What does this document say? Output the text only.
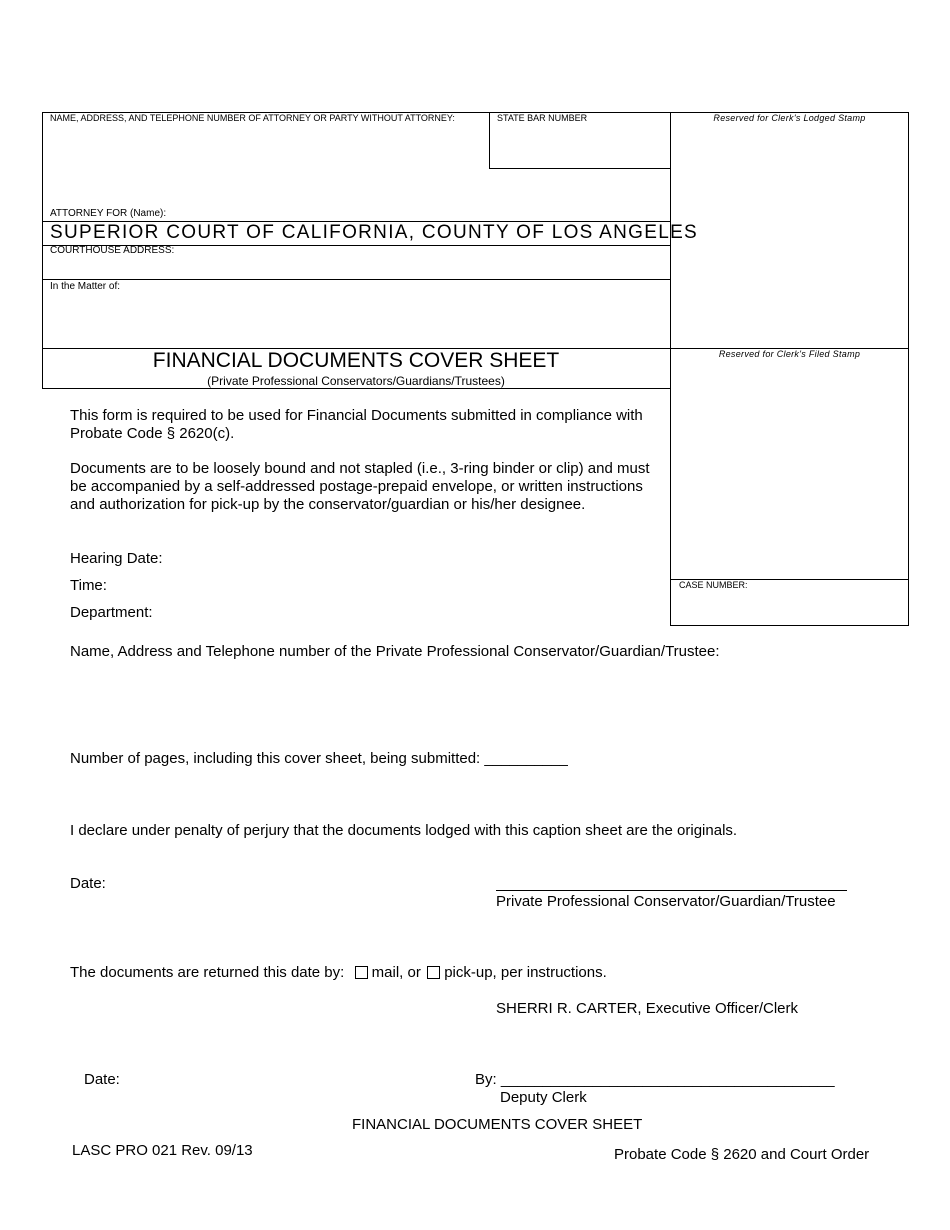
NAME, ADDRESS, AND TELEPHONE NUMBER OF ATTORNEY OR PARTY WITHOUT ATTORNEY:	STATE BAR NUMBER	Reserved for Clerk's Lodged Stamp
ATTORNEY FOR (Name):
SUPERIOR COURT OF CALIFORNIA, COUNTY OF LOS ANGELES
COURTHOUSE ADDRESS:
In the Matter of:
Reserved for Clerk's Filed Stamp
FINANCIAL DOCUMENTS COVER SHEET
(Private Professional Conservators/Guardians/Trustees)
CASE NUMBER:
This form is required to be used for Financial Documents submitted in compliance with Probate Code § 2620(c).
Documents are to be loosely bound and not stapled (i.e., 3-ring binder or clip) and must be accompanied by a self-addressed postage-prepaid envelope, or written instructions and authorization for pick-up by the conservator/guardian or his/her designee.
Hearing Date:
Time:
Department:
Name, Address and Telephone number of the Private Professional Conservator/Guardian/Trustee:
Number of pages, including this cover sheet, being submitted: __________
I declare under penalty of perjury that the documents lodged with this caption sheet are the originals.
Date:
Private Professional Conservator/Guardian/Trustee
The documents are returned this date by: mail, or pick-up, per instructions.
SHERRI R. CARTER, Executive Officer/Clerk
Date:	By: ________________________________________
Deputy Clerk
FINANCIAL DOCUMENTS COVER SHEET
LASC PRO 021 Rev. 09/13	Probate Code § 2620 and Court Order
